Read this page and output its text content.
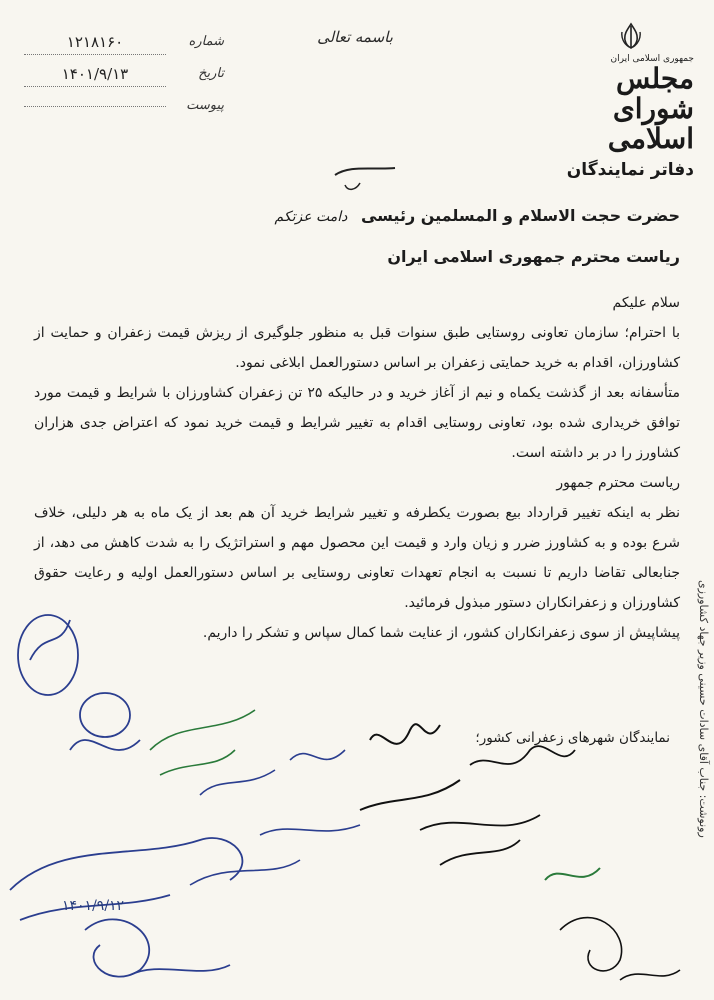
شماره
۱۲۱۸۱۶۰
تاریخ
۱۴۰۱/۹/۱۳
پیوست
باسمه تعالی
جمهوری اسلامی ایران
مجلس شورای اسلامی
دفاتر نمایندگان

حضرت حجت الاسلام و المسلمین رئیسی دامت عزتکم

ریاست محترم جمهوری اسلامی ایران

سلام علیکم

با احترام؛ سازمان تعاونی روستایی طبق سنوات قبل به منظور جلوگیری از ریزش قیمت زعفران و حمایت از کشاورزان، اقدام به خرید حمایتی زعفران بر اساس دستورالعمل ابلاغی نمود.

متأسفانه بعد از گذشت یکماه و نیم از آغاز خرید و در حالیکه ۲۵ تن زعفران کشاورزان با شرایط و قیمت مورد توافق خریداری شده بود، تعاونی روستایی اقدام به تغییر شرایط و قیمت خرید نمود که اعتراض جدی هزاران کشاورز را در بر داشته است.

ریاست محترم جمهور

نظر به اینکه تغییر قرارداد بیع بصورت یکطرفه و تغییر شرایط خرید آن هم بعد از یک ماه به هر دلیلی، خلاف شرع بوده و به کشاورز ضرر و زیان وارد و قیمت این محصول مهم و استراتژیک را به شدت کاهش می دهد، از جنابعالی تقاضا داریم تا نسبت به انجام تعهدات تعاونی روستایی بر اساس دستورالعمل اولیه و رعایت حقوق کشاورزان و زعفرانکاران دستور مبذول فرمائید.

پیشاپیش از سوی زعفرانکاران کشور، از عنایت شما کمال سپاس و تشکر را داریم.

نمایندگان شهرهای زعفرانی کشور؛	رونوشت: جناب آقای سادات حسینی وزیر جهاد کشاورزی
۱۴۰۱/۹/۱۲
